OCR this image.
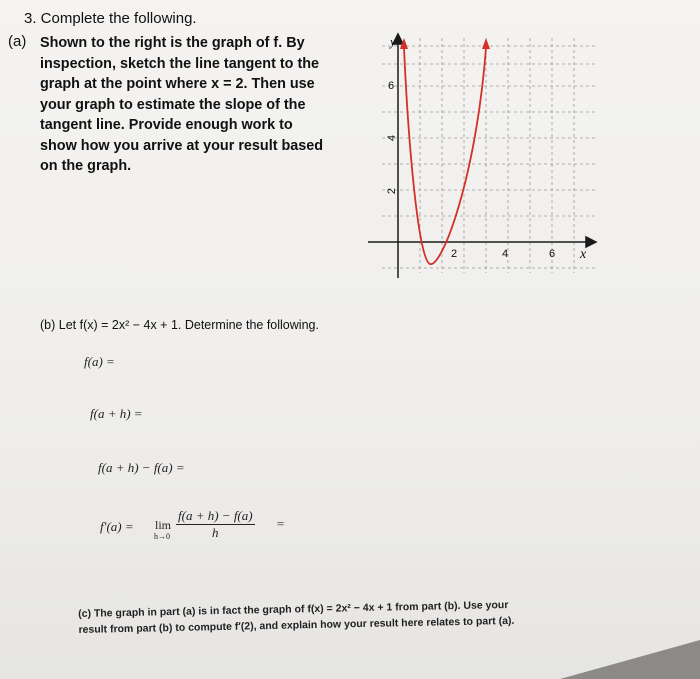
3. Complete the following.
(a) Shown to the right is the graph of f. By
inspection, sketch the line tangent to the
graph at the point where x = 2. Then use
your graph to estimate the slope of the
tangent line. Provide enough work to
show how you arrive at your result based
on the graph.
6
4
2
2	4	6
y
x
(b) Let f(x) = 2x² − 4x + 1. Determine the following.
f(a) =
f(a + h) =
f(a + h) − f(a) =
f′(a) = lim
$h\to 0 \frac{f(a + h) - f(a)}{h}$ =
(c) The graph in part (a) is in fact the graph of f(x) = 2x² − 4x + 1 from part (b). Use your
result from part (b) to compute f′(2), and explain how your result here relates to part (a).
